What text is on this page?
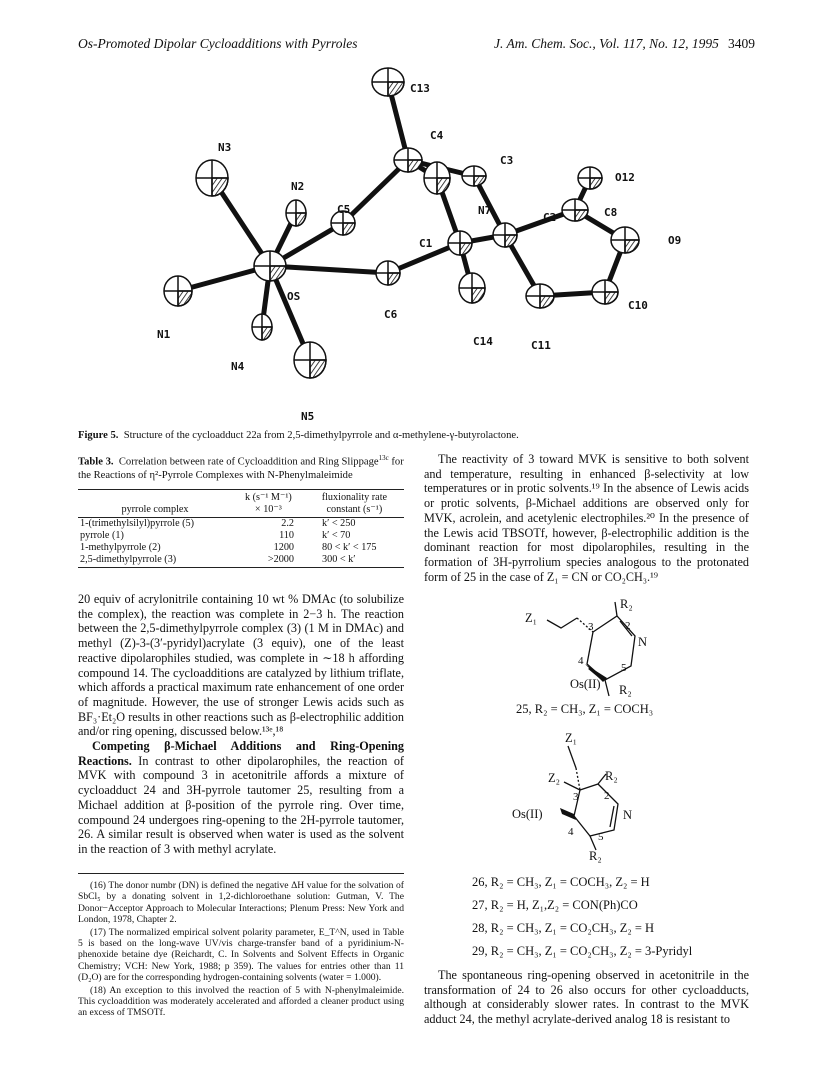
Os-Promoted Dipolar Cycloadditions with Pyrroles	J. Am. Chem. Soc., Vol. 117, No. 12, 1995 3409
C13
C4
N3
C3
N2
O12
C5	N7
C2	C8
O9
C1
OS
N1
C6
C10
C14	C11
N4
N5
Figure 5. Structure of the cycloadduct 22a from 2,5-dimethylpyrrole and α-methylene-γ-butyrolactone.
Table 3. Correlation between rate of Cycloaddition and Ring Slippage$^{13c}$ for the Reactions of η²-Pyrrole Complexes with N-Phenylmaleimide
	k (s⁻¹ M⁻¹)	fluxionality rate
pyrrole complex	× 10⁻³	constant (s⁻¹)
1-(trimethylsilyl)pyrrole (5)	2.2	k′ < 250
pyrrole (1)	110	k′ < 70
1-methylpyrrole (2)	1200	80 < k′ < 175
2,5-dimethylpyrrole (3)	>2000	300 < k′

20 equiv of acrylonitrile containing 10 wt % DMAc (to solubilize the complex), the reaction was complete in 2−3 h. The reaction between the 2,5-dimethylpyrrole complex (3) (1 M in DMAc) and methyl (Z)-3-(3′-pyridyl)acrylate (3 equiv), one of the least reactive dipolarophiles studied, was complete in ∼18 h affording compound 14. The cycloadditions are catalyzed by lithium triflate, which affords a practical maximum rate enhancement of one order of magnitude. However, the use of stronger Lewis acids such as BF₃·Et₂O results in other reactions such as β-electrophilic addition and/or ring opening, discussed below.¹³ᵉ,¹⁸

Competing β-Michael Additions and Ring-Opening Reactions. In contrast to other dipolarophiles, the reaction of MVK with compound 3 in acetonitrile affords a mixture of cycloadduct 24 and 3H-pyrrole tautomer 25, resulting from a Michael addition at β-position of the pyrrole ring. Over time, compound 24 undergoes ring-opening to the 2H-pyrrole tautomer, 26. A similar result is observed when water is used as the solvent in the reaction of 3 with methyl acrylate.

(16) The donor numbr (DN) is defined the negative ΔH value for the solvation of SbCl₅ by a donating solvent in 1,2-dichloroethane solution: Gutman, V. The Donor−Acceptor Approach to Molecular Interactions; Plenum Press: New York and London, 1978, Chapter 2.

(17) The normalized empirical solvent polarity parameter, E_T^N, used in Table 5 is based on the long-wave UV/vis charge-transfer band of a pyridinium-N-phenoxide betaine dye (Reichardt, C. In Solvents and Solvent Effects in Organic Chemistry; VCH: New York, 1988; p 359). The values for entries other than 11 (D₂O) are for the corresponding hydrogen-containing solvents (water = 1.000).

(18) An exception to this involved the reaction of 5 with N-phenylmaleimide. This cycloaddition was moderately accelerated and afforded a cleaner product using an excess of TMSOTf.

The reactivity of 3 toward MVK is sensitive to both solvent and temperature, resulting in enhanced β-selectivity at low temperatures or in protic solvents.¹⁹ In the absence of Lewis acids or protic solvents, β-Michael additions are observed only for MVK, acrolein, and acetylenic electrophiles.²⁰ In the presence of the Lewis acid TBSOTf, however, β-electrophilic addition is the dominant reaction for most dipolarophiles, resulting in the formation of 3H-pyrrolium species analogous to the protonated form of 25 in the case of Z₁ = CN or CO₂CH₃.¹⁹

Z₁
R₂
3	2
N
4
5
Os(II) R₂
25, R₂ = CH₃, Z₁ = COCH₃
Z₁
Z₂	R₂
3 2
N
Os(II)
4 5
R₂
26, R₂ = CH₃, Z₁ = COCH₃, Z₂ = H
27, R₂ = H, Z₁,Z₂ = CON(Ph)CO
28, R₂ = CH₃, Z₁ = CO₂CH₃, Z₂ = H
29, R₂ = CH₃, Z₁ = CO₂CH₃, Z₂ = 3-Pyridyl

The spontaneous ring-opening observed in acetonitrile in the transformation of 24 to 26 also occurs for other cycloadducts, although at considerably slower rates. In contrast to the MVK adduct 24, the methyl acrylate-derived analog 18 is resistant to
